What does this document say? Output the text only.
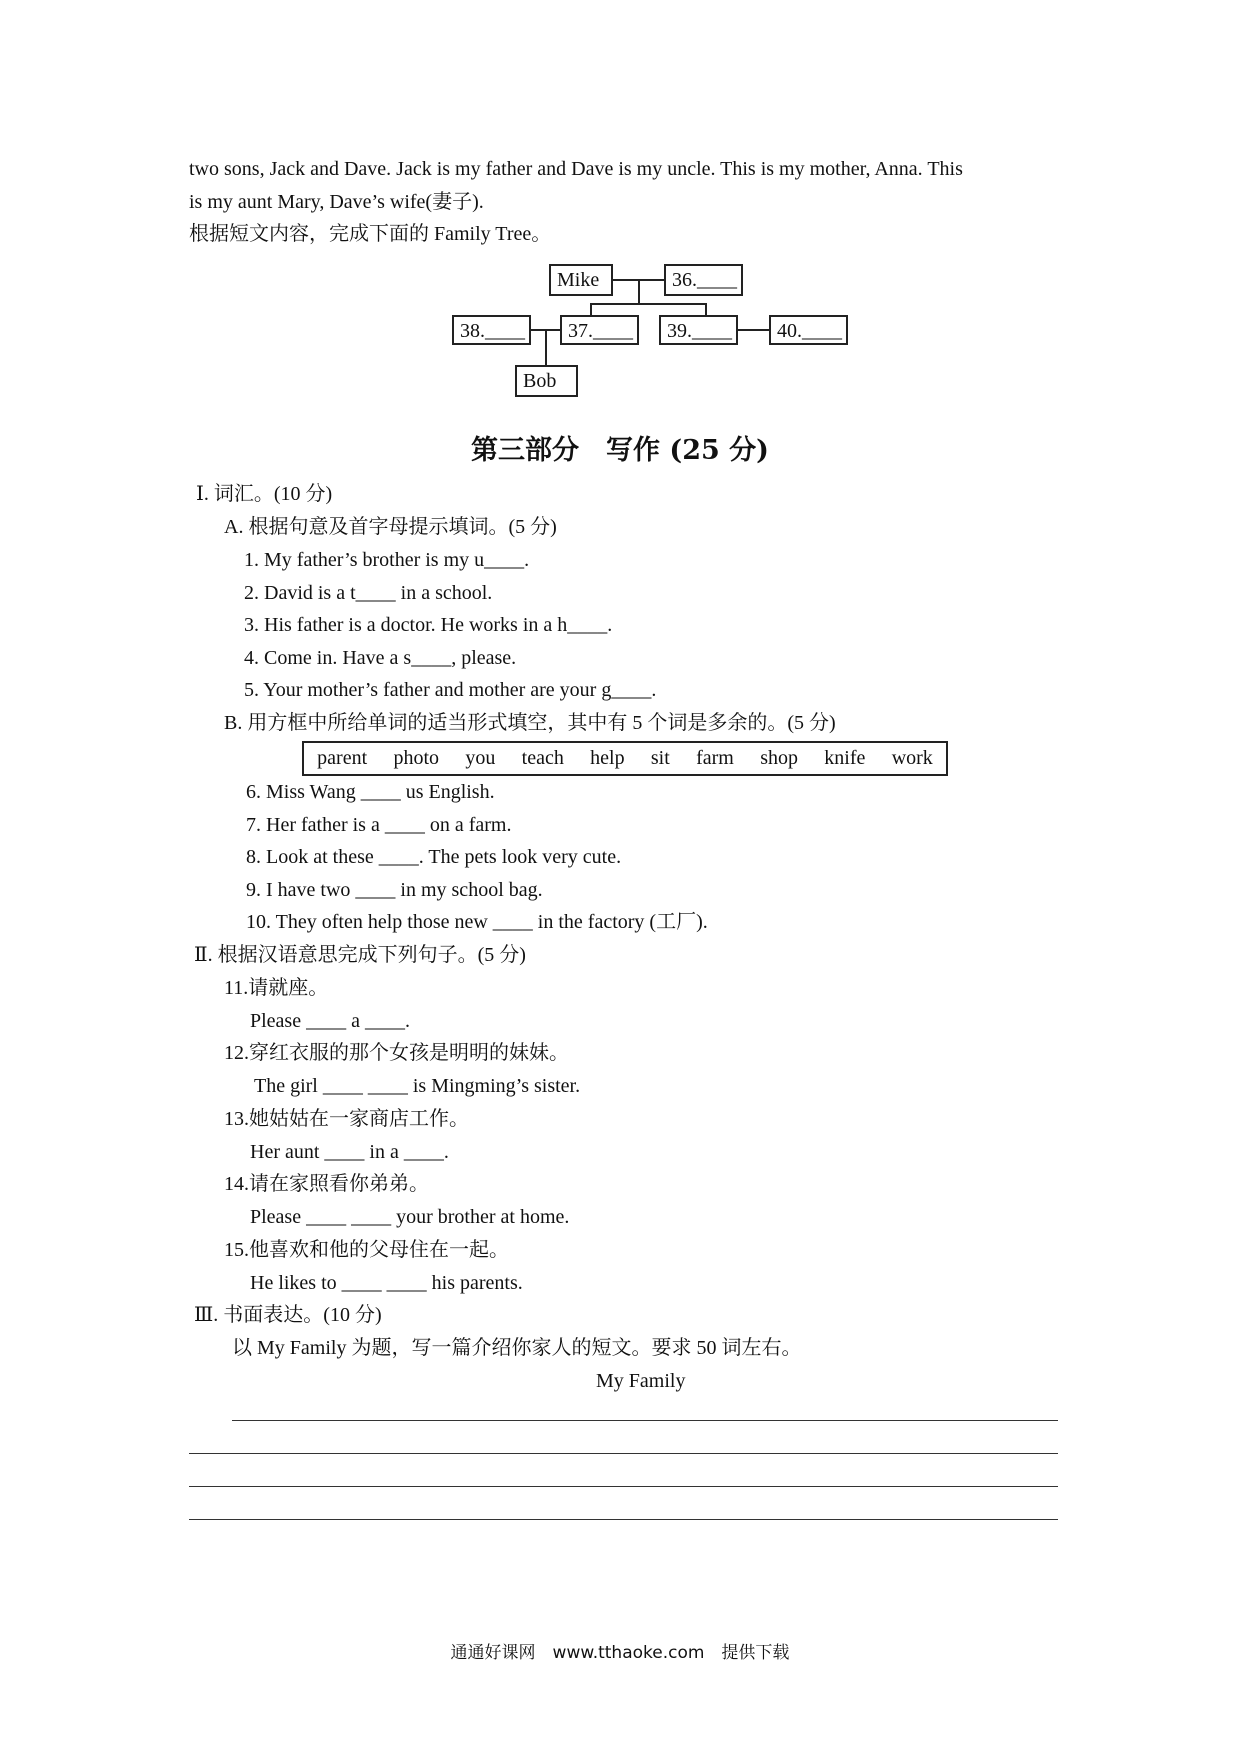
two sons, Jack and Dave. Jack is my father and Dave is my uncle. This is my mother, Anna. This
is my aunt Mary, Dave’s wife(妻子).
根据短文内容，完成下面的 Family Tree。
Mike	36.____
38.____	37.____	39.____	40.____
Bob
第三部分　写作 (25 分)
Ⅰ. 词汇。(10 分)
A. 根据句意及首字母提示填词。(5 分)
1. My father’s brother is my u____.
2. David is a t____ in a school.
3. His father is a doctor. He works in a h____.
4. Come in. Have a s____, please.
5. Your mother’s father and mother are your g____.
B. 用方框中所给单词的适当形式填空，其中有 5 个词是多余的。(5 分)
parent photo you teach help sit farm shop knife work
6. Miss Wang ____ us English.
7. Her father is a ____ on a farm.
8. Look at these ____. The pets look very cute.
9. I have two ____ in my school bag.
10. They often help those new ____ in the factory (工厂).
Ⅱ. 根据汉语意思完成下列句子。(5 分)
11.请就座。
Please ____ a ____.
12.穿红衣服的那个女孩是明明的妹妹。
The girl ____ ____ is Mingming’s sister.
13.她姑姑在一家商店工作。
Her aunt ____ in a ____.
14.请在家照看你弟弟。
Please ____ ____ your brother at home.
15.他喜欢和他的父母住在一起。
He likes to ____ ____ his parents.
Ⅲ. 书面表达。(10 分)
以 My Family 为题，写一篇介绍你家人的短文。要求 50 词左右。
My Family
通通好课网　www.tthaoke.com　提供下载
